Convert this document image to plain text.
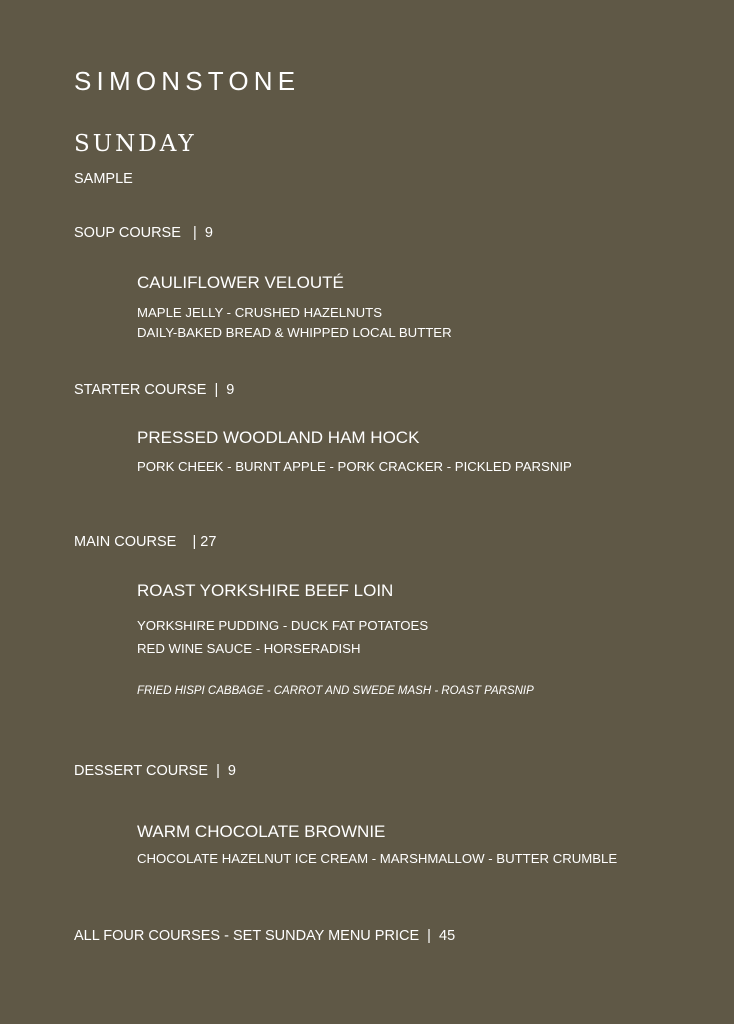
SIMONSTONE
SUNDAY
SAMPLE
SOUP COURSE   |  9
CAULIFLOWER VELOUTÉ
MAPLE JELLY - CRUSHED HAZELNUTS
DAILY-BAKED BREAD & WHIPPED LOCAL BUTTER
STARTER COURSE  |  9
PRESSED WOODLAND HAM HOCK
PORK CHEEK - BURNT APPLE - PORK CRACKER - PICKLED PARSNIP
MAIN COURSE    | 27
ROAST YORKSHIRE BEEF LOIN
YORKSHIRE PUDDING - DUCK FAT POTATOES
RED WINE SAUCE - HORSERADISH
FRIED HISPI CABBAGE - CARROT AND SWEDE MASH - ROAST PARSNIP
DESSERT COURSE  |  9
WARM CHOCOLATE BROWNIE
CHOCOLATE HAZELNUT ICE CREAM - MARSHMALLOW - BUTTER CRUMBLE
ALL FOUR COURSES - SET SUNDAY MENU PRICE  |  45
